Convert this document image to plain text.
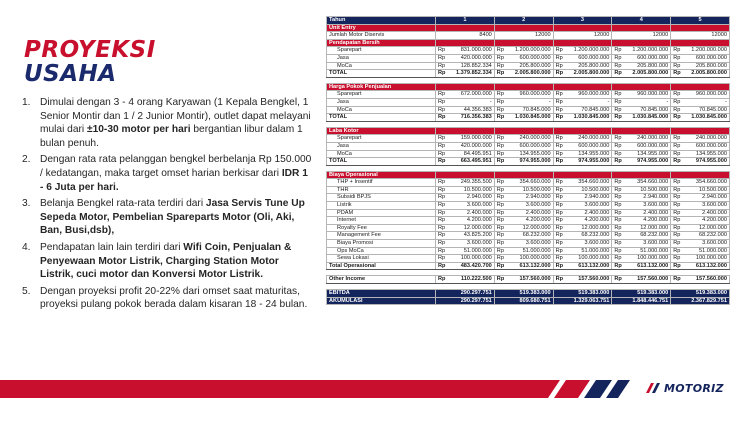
PROYEKSI
USAHA
1. Dimulai dengan 3 - 4 orang Karyawan (1 Kepala Bengkel, 1 Senior Montir dan 1 / 2 Junior Montir), outlet dapat melayani mulai dari ±10-30 motor per hari bergantian libur dalam 1 bulan penuh.
2. Dengan rata rata pelanggan bengkel berbelanja Rp 150.000 / kedatangan, maka target omset harian berkisar dari IDR 1 - 6 Juta per hari.
3. Belanja Bengkel rata-rata terdiri dari Jasa Servis Tune Up Sepeda Motor, Pembelian Spareparts Motor (Oli, Aki, Ban, Busi,dsb),
4. Pendapatan lain lain terdiri dari Wifi Coin, Penjualan & Penyewaan Motor Listrik, Charging Station Motor Listrik, cuci motor dan Konversi Motor Listrik.
5. Dengan proyeksi profit 20-22% dari omset saat maturitas, proyeksi pulang pokok berada dalam kisaran 18 - 24 bulan.
Tahun	1	2	3	4	5
Unit Entry					
Jumlah Motor Diservis	8400	12000	12000	12000	12000
Pendapatan Bersih					
Sparepart	Rp 831.000.000	Rp 1.200.000.000	Rp 1.200.000.000	Rp 1.200.000.000	Rp 1.200.000.000
Jasa	Rp 420.000.000	Rp 600.000.000	Rp 600.000.000	Rp 600.000.000	Rp 600.000.000
MoCa	Rp 128.852.334	Rp 205.800.000	Rp 205.800.000	Rp 205.800.000	Rp 205.800.000
TOTAL	Rp 1.379.852.334	Rp 2.005.800.000	Rp 2.005.800.000	Rp 2.005.800.000	Rp 2.005.800.000

Harga Pokok Penjualan					
Sparepart	Rp 672.000.000	Rp 960.000.000	Rp 960.000.000	Rp 960.000.000	Rp 960.000.000
Jasa	Rp -	Rp -	Rp -	Rp -	Rp -
MoCa	Rp 44.356.383	Rp 70.845.000	Rp 70.845.000	Rp 70.845.000	Rp 70.845.000
TOTAL	Rp 716.356.383	Rp 1.030.845.000	Rp 1.030.845.000	Rp 1.030.845.000	Rp 1.030.845.000

Laba Kotor					
Sparepart	Rp 159.000.000	Rp 240.000.000	Rp 240.000.000	Rp 240.000.000	Rp 240.000.000
Jasa	Rp 420.000.000	Rp 600.000.000	Rp 600.000.000	Rp 600.000.000	Rp 600.000.000
MoCa	Rp 84.495.951	Rp 134.955.000	Rp 134.955.000	Rp 134.955.000	Rp 134.955.000
TOTAL	Rp 663.495.951	Rp 974.955.000	Rp 974.955.000	Rp 974.955.000	Rp 974.955.000

Biaya Operasional					
THP + Insentif	Rp 249.355.500	Rp 354.660.000	Rp 354.660.000	Rp 354.660.000	Rp 354.660.000
THR	Rp 10.500.000	Rp 10.500.000	Rp 10.500.000	Rp 10.500.000	Rp 10.500.000
Subsidi BPJS	Rp 2.940.000	Rp 2.940.000	Rp 2.940.000	Rp 2.940.000	Rp 2.940.000
Listrik	Rp 3.600.000	Rp 3.600.000	Rp 3.600.000	Rp 3.600.000	Rp 3.600.000
PDAM	Rp 2.400.000	Rp 2.400.000	Rp 2.400.000	Rp 2.400.000	Rp 2.400.000
Internet	Rp 4.200.000	Rp 4.200.000	Rp 4.200.000	Rp 4.200.000	Rp 4.200.000
Royalty Fee	Rp 12.000.000	Rp 12.000.000	Rp 12.000.000	Rp 12.000.000	Rp 12.000.000
Management Fee	Rp 43.825.200	Rp 68.232.000	Rp 68.232.000	Rp 68.232.000	Rp 68.232.000
Biaya Promosi	Rp 3.600.000	Rp 3.600.000	Rp 3.600.000	Rp 3.600.000	Rp 3.600.000
Ops MoCa	Rp 51.000.000	Rp 51.000.000	Rp 51.000.000	Rp 51.000.000	Rp 51.000.000
Sewa Lokasi	Rp 100.000.000	Rp 100.000.000	Rp 100.000.000	Rp 100.000.000	Rp 100.000.000
Total Operasional	Rp 483.420.700	Rp 613.132.000	Rp 613.132.000	Rp 613.132.000	Rp 613.132.000

Other Income	Rp 110.222.500	Rp 157.560.000	Rp 157.560.000	Rp 157.560.000	Rp 157.560.000

EBITDA	290.297.751	519.383.000	519.383.000	519.383.000	519.383.000
AKUMULASI	290.297.751	809.680.751	1.329.063.751	1.848.446.751	2.367.829.751
MOTORIZ
